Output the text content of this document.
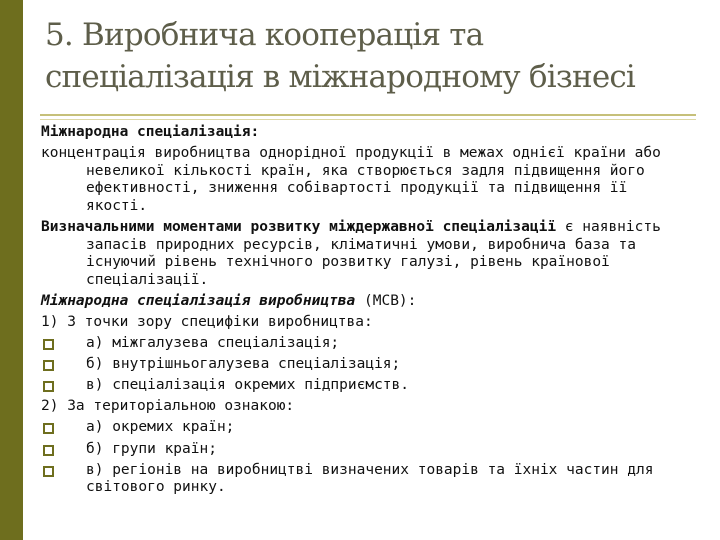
5. Виробнича кооперація та
спеціалізація в міжнародному бізнесі
Міжнародна спеціалізація:
концентрація виробництва однорідної продукції в межах однієї країни або невеликої кількості країн, яка створюється задля підвищення його ефективності, зниження собівартості продукції та підвищення її якості.
Визначальними моментами розвитку міждержавної спеціалізації є наявність запасів природних ресурсів, кліматичні умови, виробнича база та існуючий рівень технічного розвитку галузі, рівень країнової спеціалізації.
Міжнародна спеціалізація виробництва (МСВ):
1) З точки зору специфіки виробництва:
а) міжгалузева спеціалізація;
б) внутрішньогалузева спеціалізація;
в) спеціалізація окремих підприємств.
2) За територіальною ознакою:
а) окремих країн;
б) групи країн;
в) регіонів на виробництві визначених товарів та їхніх частин для світового ринку.
